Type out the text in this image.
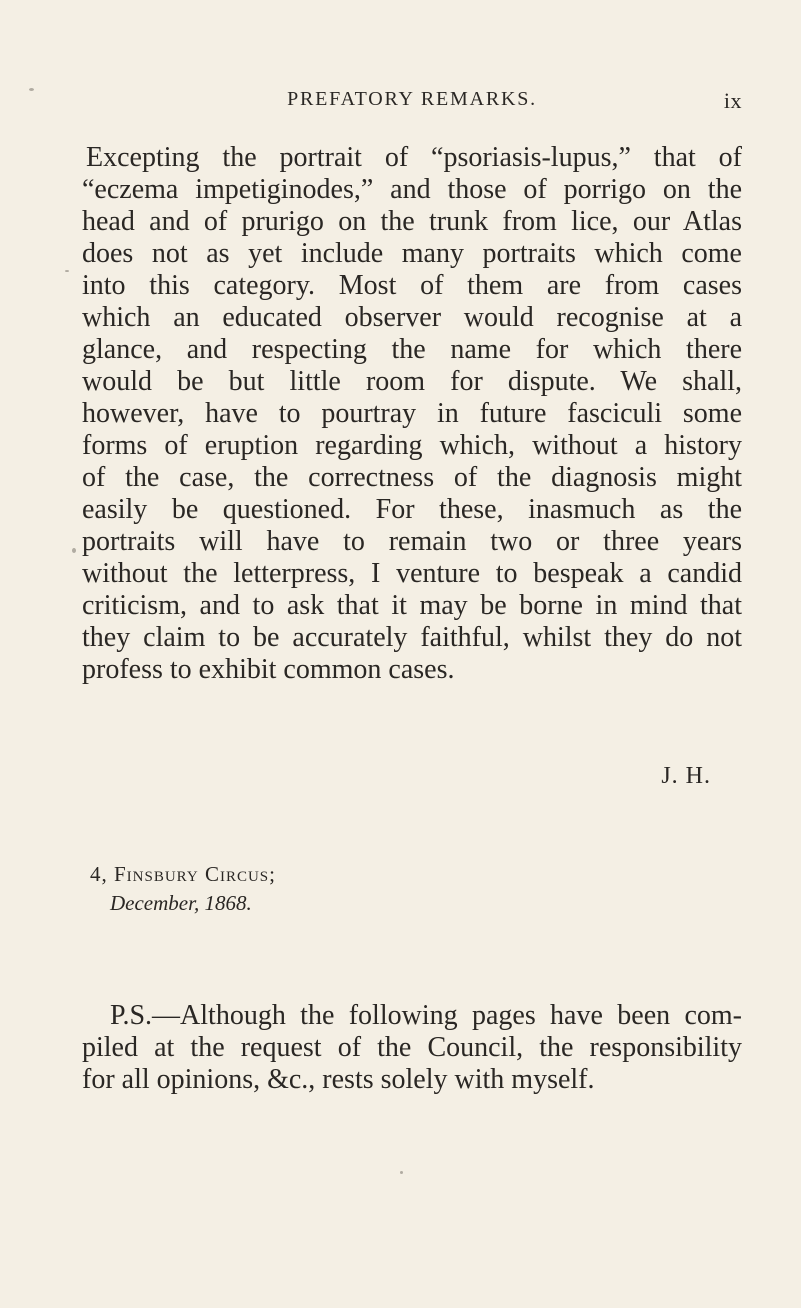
PREFATORY REMARKS.	ix
Excepting the portrait of “psoriasis-lupus,” that of
“eczema impetiginodes,” and those of porrigo on the
head and of prurigo on the trunk from lice, our Atlas
does not as yet include many portraits which come
into this category. Most of them are from cases
which an educated observer would recognise at a
glance, and respecting the name for which there
would be but little room for dispute. We shall,
however, have to pourtray in future fasciculi some
forms of eruption regarding which, without a history
of the case, the correctness of the diagnosis might
easily be questioned. For these, inasmuch as the
portraits will have to remain two or three years
without the letterpress, I venture to bespeak a candid
criticism, and to ask that it may be borne in mind that
they claim to be accurately faithful, whilst they do not
profess to exhibit common cases.
J. H.
4, Finsbury Circus;
December, 1868.
P.S.—Although the following pages have been com-
piled at the request of the Council, the responsibility
for all opinions, &c., rests solely with myself.
